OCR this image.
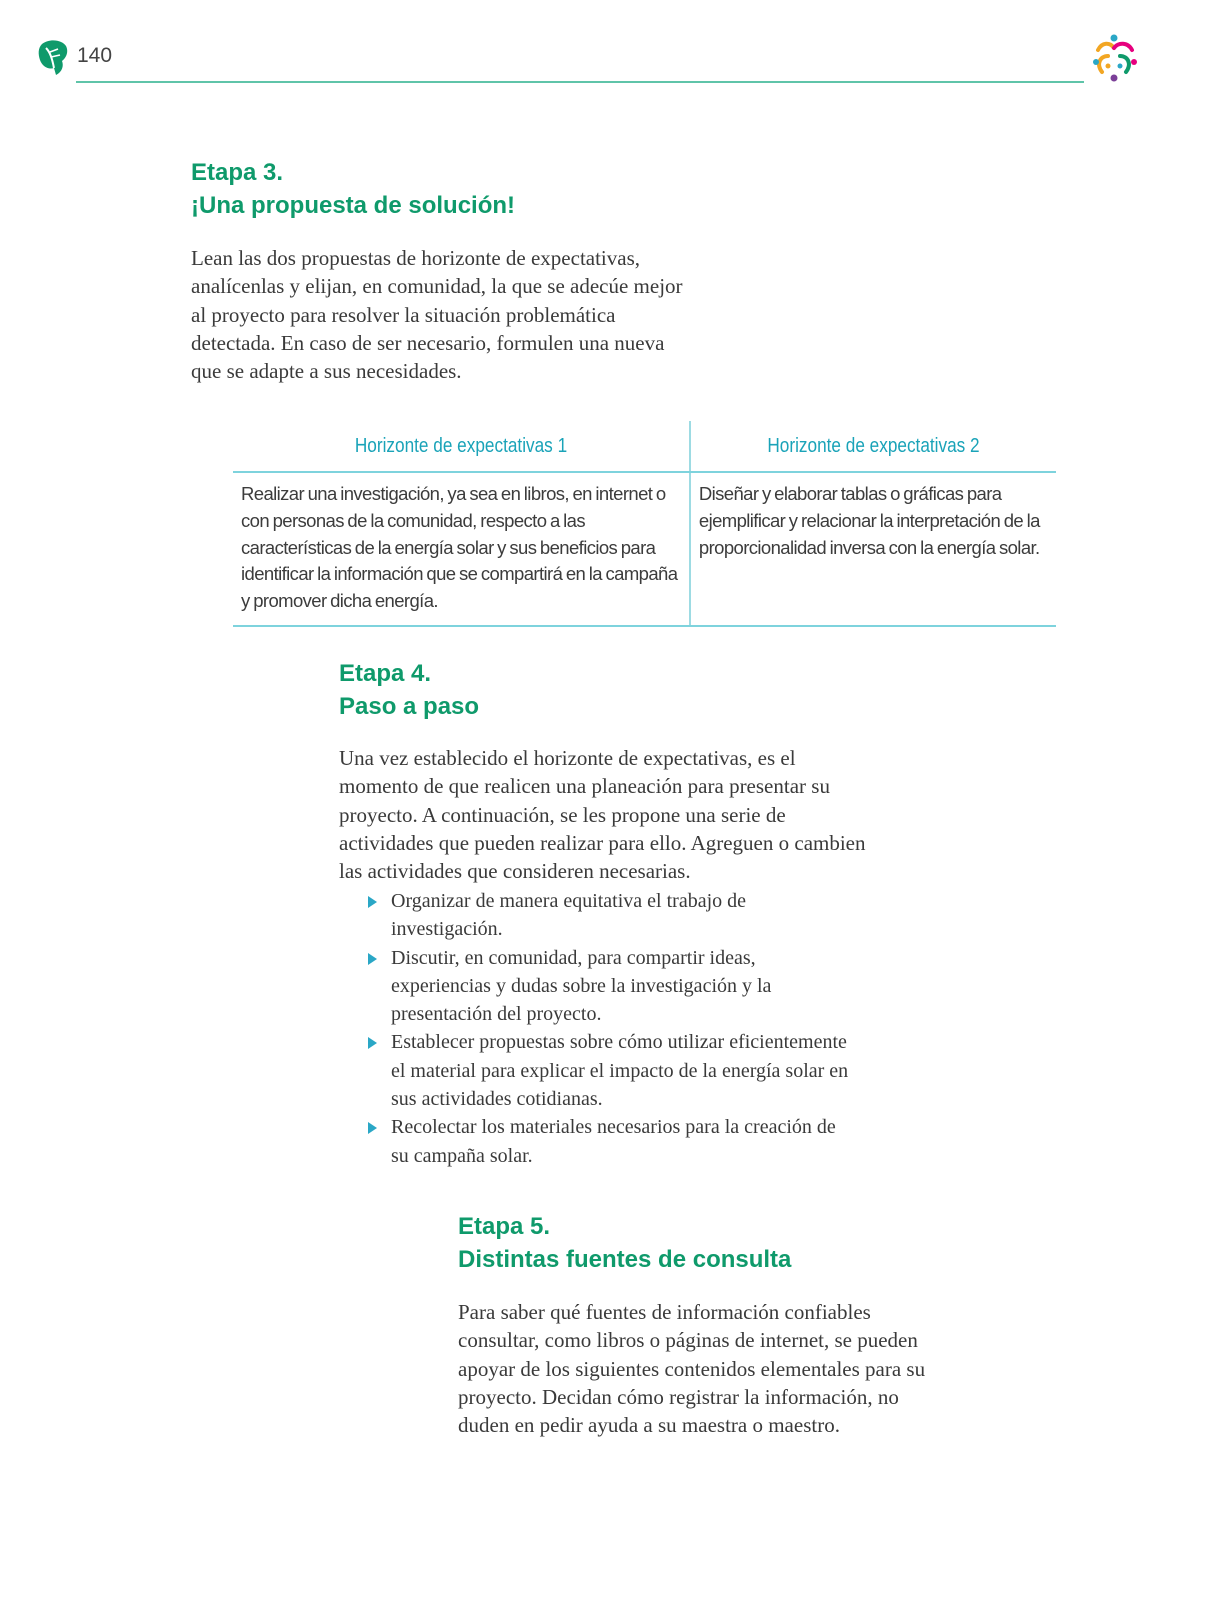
140
Etapa 3.
¡Una propuesta de solución!

Lean las dos propuestas de horizonte de expectativas, analícenlas y elijan, en comunidad, la que se adecúe mejor al proyecto para resolver la situación problemática detectada. En caso de ser necesario, formulen una nueva que se adapte a sus necesidades.

Horizonte de expectativas 1	Horizonte de expectativas 2

Realizar una investigación, ya sea en libros, en internet o con personas de la comunidad, respecto a las características de la energía solar y sus beneficios para identificar la información que se compartirá en la campaña y promover dicha energía.	Diseñar y elaborar tablas o gráficas para ejemplificar y relacionar la interpretación de la proporcionalidad inversa con la energía solar.
Etapa 4.
Paso a paso

Una vez establecido el horizonte de expectativas, es el momento de que realicen una planeación para presentar su proyecto. A continuación, se les propone una serie de actividades que pueden realizar para ello. Agreguen o cambien las actividades que consideren necesarias.

Organizar de manera equitativa el trabajo de investigación.
Discutir, en comunidad, para compartir ideas, experiencias y dudas sobre la investigación y la presentación del proyecto.
Establecer propuestas sobre cómo utilizar eficientemente el material para explicar el impacto de la energía solar en sus actividades cotidianas.
Recolectar los materiales necesarios para la creación de su campaña solar.
Etapa 5.
Distintas fuentes de consulta

Para saber qué fuentes de información confiables consultar, como libros o páginas de internet, se pueden apoyar de los siguientes contenidos elementales para su proyecto. Decidan cómo registrar la información, no duden en pedir ayuda a su maestra o maestro.
